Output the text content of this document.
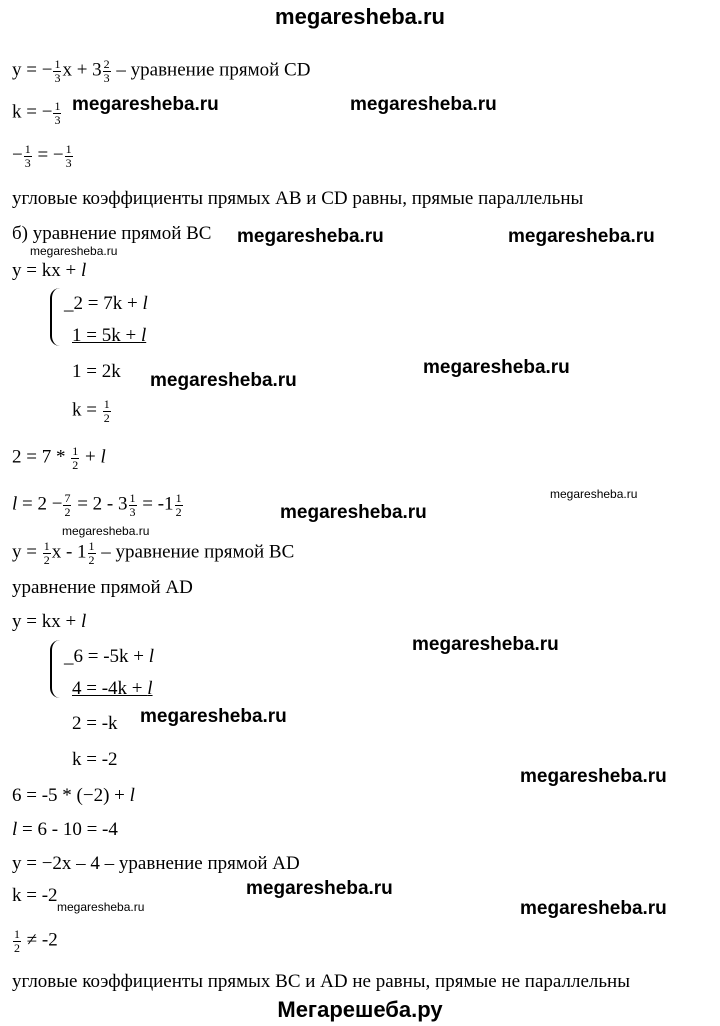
megaresheba.ru
y = − $\frac{1}{3}$ $x + 3 \frac{2}{3}$ – уравнение прямой CD
k = − $\frac{1}{3}$
− $\frac{1}{3}$ = − $\frac{1}{3}$
угловые коэффициенты прямых AB и CD равны, прямые параллельны
б) уравнение прямой BC
y = kx + l
_2 = 7k + l
1 = 5k + l
1 = 2k
$k = \frac{1}{2}$
$2 = 7 * \frac{1}{2} + l$
$l = 2 - \frac{7}{2} = 2 - 3 \frac{1}{3} = -1 \frac{1}{2}$
$y = \frac{1}{2}$ x - $1 \frac{1}{2}$ – уравнение прямой BC
уравнение прямой AD
y = kx + l
_6 = -5k + l
4 = -4k + l
2 = -k
k = -2
6 = -5 * (−2) + l
l = 6 - 10 = -4
y = −2x – 4 – уравнение прямой AD
k = -2
$\frac{1}{2} \ne -2$
угловые коэффициенты прямых BC и AD не равны, прямые не параллельны
Мегарешеба.ру
megaresheba.ru	megaresheba.ru
megaresheba.ru	megaresheba.ru
megaresheba.ru
megaresheba.ru
megaresheba.ru
megaresheba.ru
megaresheba.ru
megaresheba.ru
megaresheba.ru
megaresheba.ru
megaresheba.ru
megaresheba.ru
megaresheba.ru	megaresheba.ru
